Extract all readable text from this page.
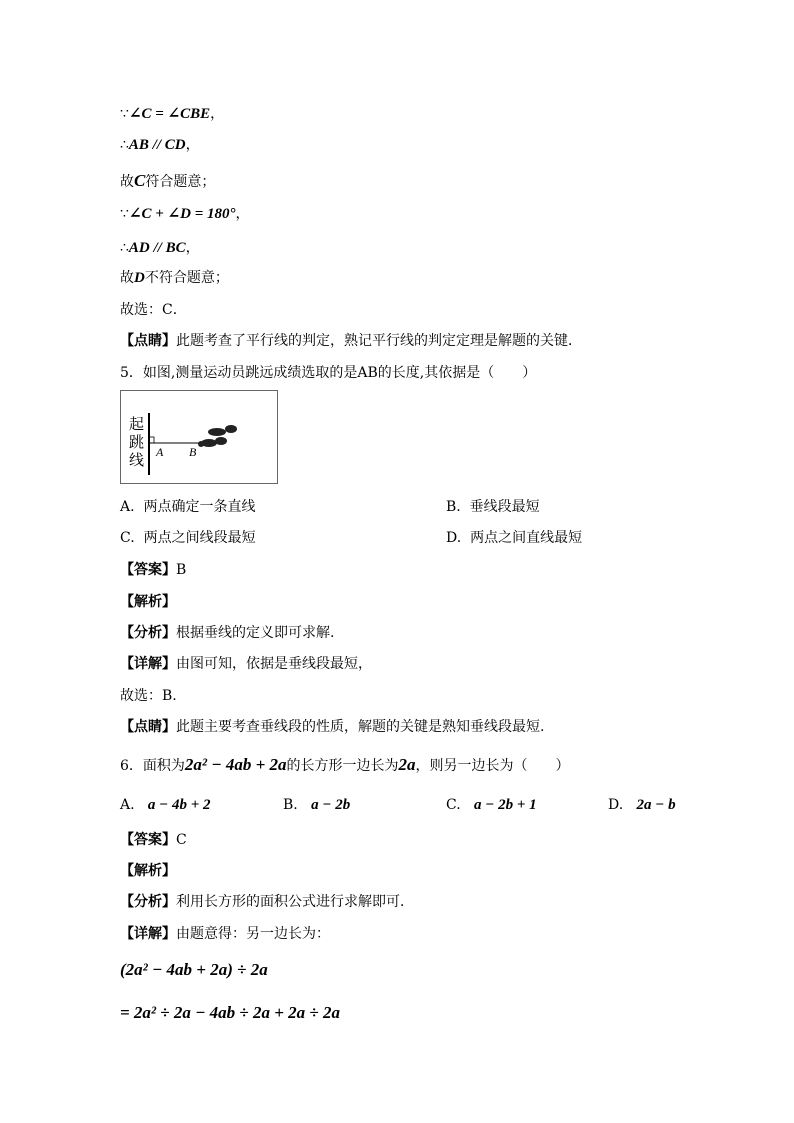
∵∠C = ∠CBE，
∴AB // CD，
故C符合题意；
∵∠C + ∠D = 180°，
∴AD // BC，
故D不符合题意；
故选：C．
【点睛】此题考查了平行线的判定，熟记平行线的判定定理是解题的关键．
5．如图,测量运动员跳远成绩选取的是AB的长度,其依据是（　　）
起
跳
线 A B
A. 两点确定一条直线	B. 垂线段最短
C. 两点之间线段最短	D. 两点之间直线最短
【答案】B
【解析】
【分析】根据垂线的定义即可求解.
【详解】由图可知，依据是垂线段最短，
故选：B.
【点睛】此题主要考查垂线段的性质，解题的关键是熟知垂线段最短.
6．面积为2a² − 4ab + 2a的长方形一边长为2a，则另一边长为（　　）
A. a − 4b + 2	B. a − 2b	C. a − 2b + 1	D. 2a − b
【答案】C
【解析】
【分析】利用长方形的面积公式进行求解即可．
【详解】由题意得：另一边长为：
(2a² − 4ab + 2a) ÷ 2a
= 2a² ÷ 2a − 4ab ÷ 2a + 2a ÷ 2a
